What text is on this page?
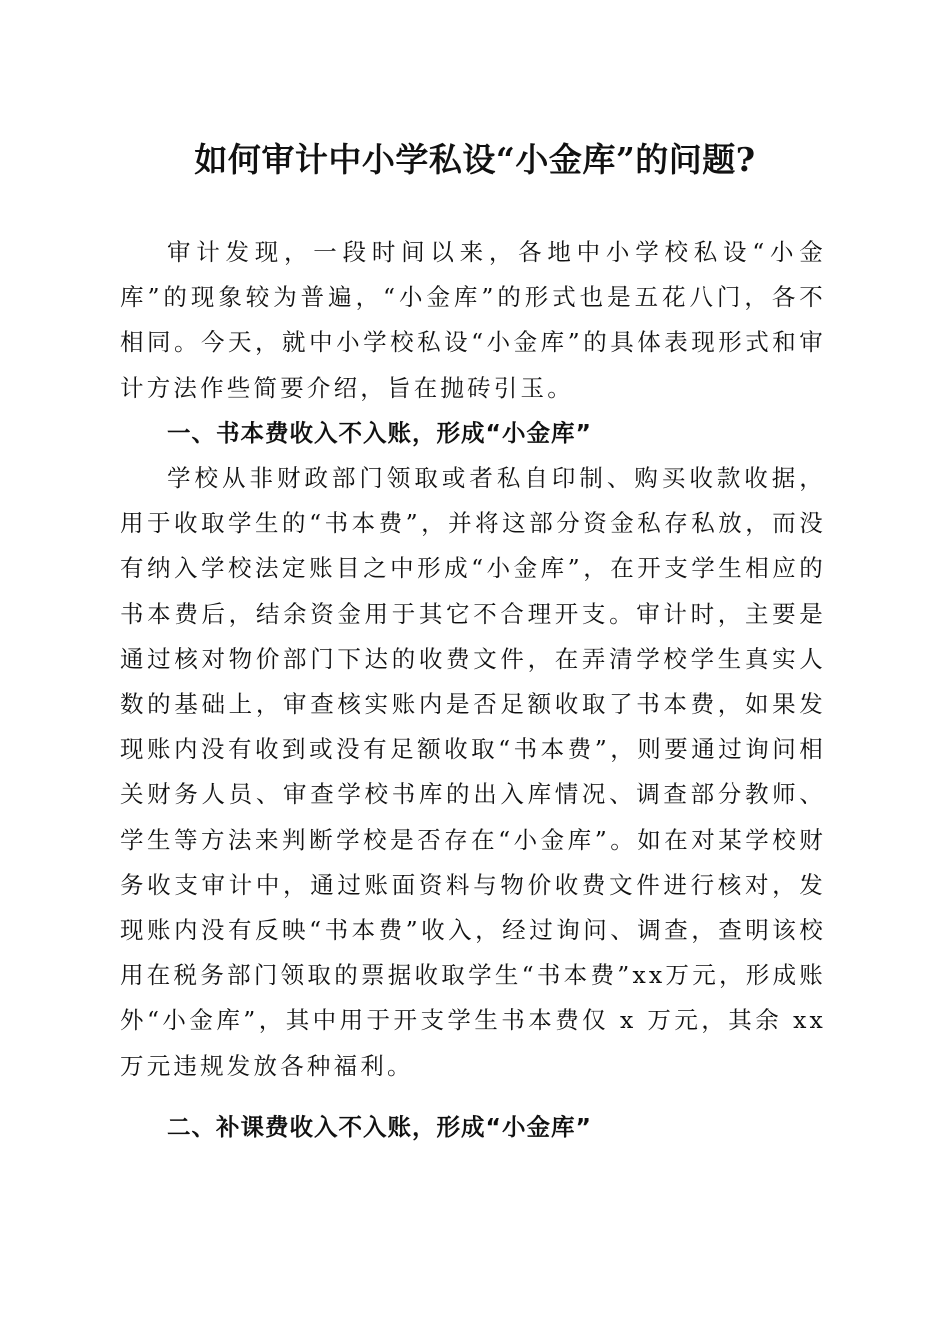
如何审计中小学私设“小金库”的问题?

审计发现，一段时间以来，各地中小学校私设“小金库”的现象较为普遍，“小金库”的形式也是五花八门，各不相同。今天，就中小学校私设“小金库”的具体表现形式和审计方法作些简要介绍，旨在抛砖引玉。

一、书本费收入不入账，形成“小金库”

学校从非财政部门领取或者私自印制、购买收款收据，用于收取学生的“书本费”，并将这部分资金私存私放，而没有纳入学校法定账目之中形成“小金库”，在开支学生相应的书本费后，结余资金用于其它不合理开支。审计时，主要是通过核对物价部门下达的收费文件，在弄清学校学生真实人数的基础上，审查核实账内是否足额收取了书本费，如果发现账内没有收到或没有足额收取“书本费”，则要通过询问相关财务人员、审查学校书库的出入库情况、调查部分教师、学生等方法来判断学校是否存在“小金库”。如在对某学校财务收支审计中，通过账面资料与物价收费文件进行核对，发现账内没有反映“书本费”收入，经过询问、调查，查明该校用在税务部门领取的票据收取学生“书本费”xx万元，形成账外“小金库”，其中用于开支学生书本费仅 x 万元，其余 xx 万元违规发放各种福利。

二、补课费收入不入账，形成“小金库”
